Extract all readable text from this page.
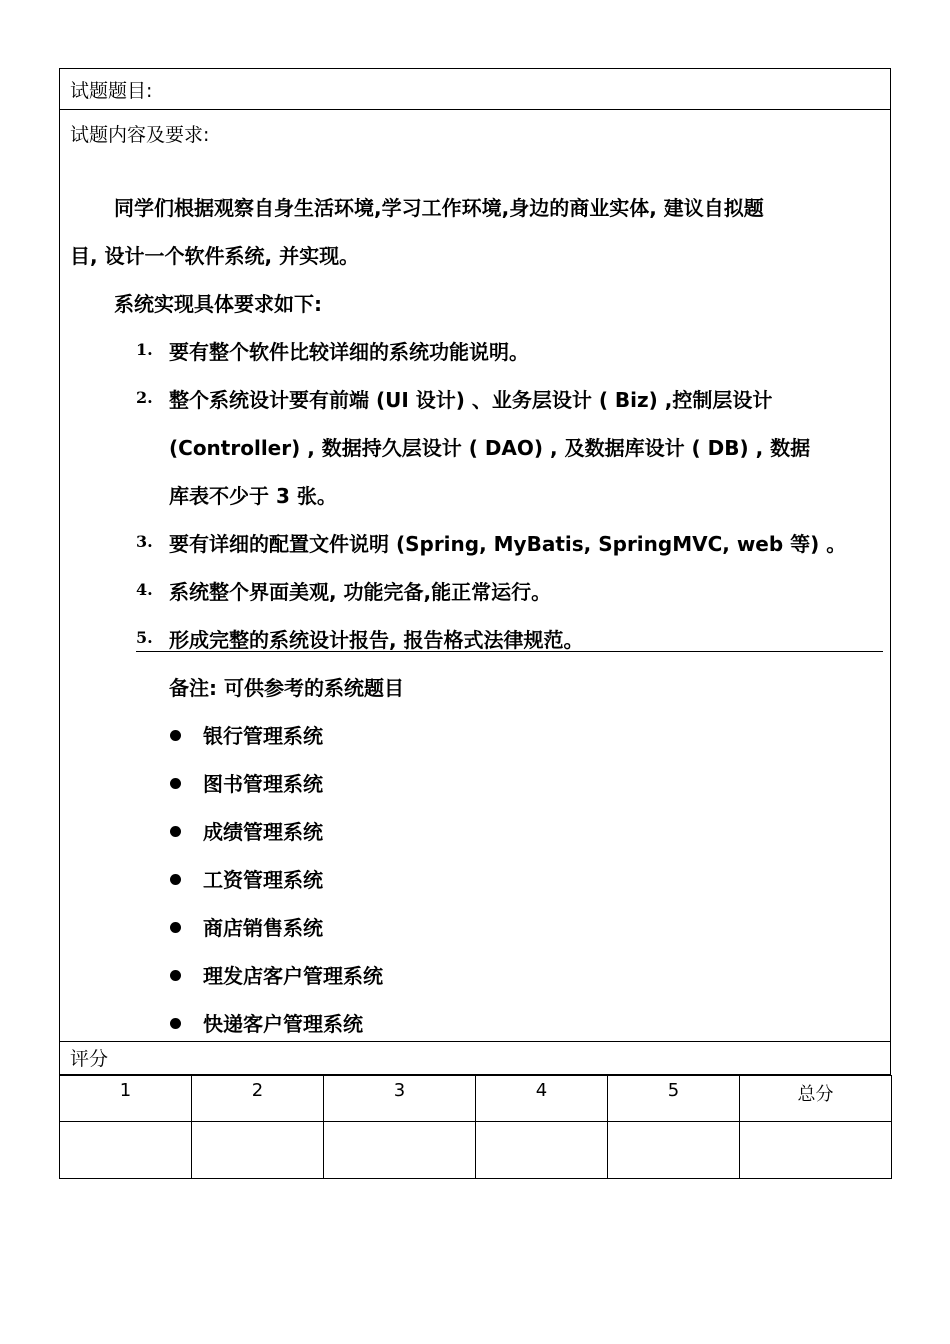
试题题目:
试题内容及要求:
同学们根据观察自身生活环境,学习工作环境,身边的商业实体, 建议自拟题
目, 设计一个软件系统, 并实现。
系统实现具体要求如下:
1. 要有整个软件比较详细的系统功能说明。
2. 整个系统设计要有前端 (UI 设计) 、业务层设计 ( Biz) ,控制层设计
(Controller) , 数据持久层设计 ( DAO) , 及数据库设计 ( DB) , 数据
库表不少于 3 张。
3. 要有详细的配置文件说明 (Spring, MyBatis, SpringMVC, web 等) 。
4. 系统整个界面美观, 功能完备,能正常运行。
5. 形成完整的系统设计报告, 报告格式法律规范。
备注: 可供参考的系统题目
银行管理系统
图书管理系统
成绩管理系统
工资管理系统
商店销售系统
理发店客户管理系统
快递客户管理系统
评分
1	2	3	4	5	总分
